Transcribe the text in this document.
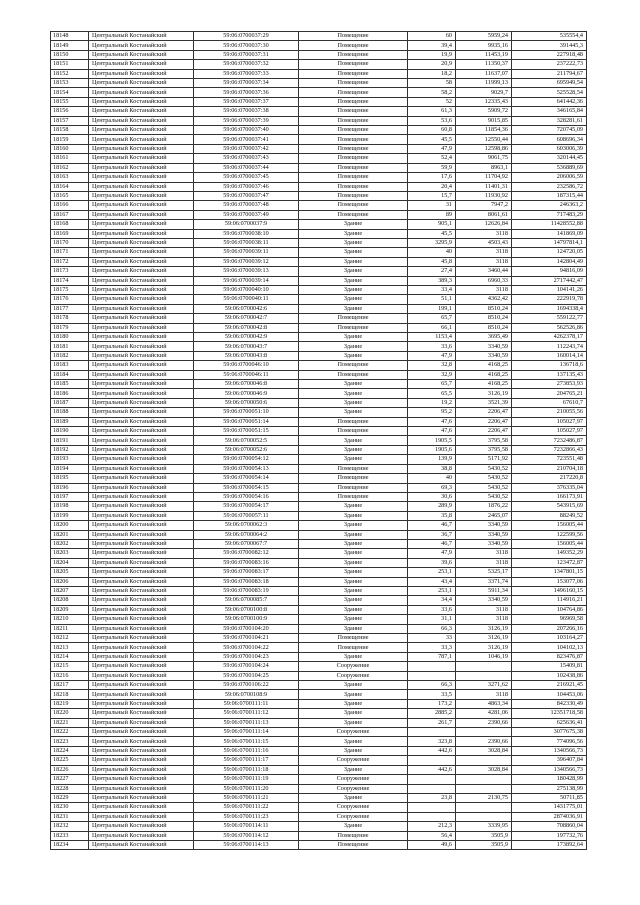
18148	Центральный Костанайский	59:06:0700037:29	Помещение	60	5959,24	535554,4
18149	Центральный Костанайский	59:06:0700037:30	Помещение	39,4	9935,16	391445,3
18150	Центральный Костанайский	59:06:0700037:31	Помещение	19,9	11453,19	227918,48
18151	Центральный Костанайский	59:06:0700037:32	Помещение	20,9	11350,37	237222,73
18152	Центральный Костанайский	59:06:0700037:33	Помещение	18,2	11637,07	211794,67
18153	Центральный Костанайский	59:06:0700037:34	Помещение	58	11999,13	695949,54
18154	Центральный Костанайский	59:06:0700037:36	Помещение	58,2	9029,7	525528,54
18155	Центральный Костанайский	59:06:0700037:37	Помещение	52	12335,43	641442,36
18156	Центральный Костанайский	59:06:0700037:38	Помещение	61,3	5909,72	346165,84
18157	Центральный Костанайский	59:06:0700037:39	Помещение	53,6	9015,85	328281,61
18158	Центральный Костанайский	59:06:0700037:40	Помещение	60,8	11854,36	720745,09
18159	Центральный Костанайский	59:06:0700037:41	Помещение	45,5	12550,44	608696,34
18160	Центральный Костанайский	59:06:0700037:42	Помещение	47,9	12598,86	603006,39
18161	Центральный Костанайский	59:06:0700037:43	Помещение	52,4	9061,75	320144,45
18162	Центральный Костанайский	59:06:0700037:44	Помещение	59,9	8963,1	536889,69
18163	Центральный Костанайский	59:06:0700037:45	Помещение	17,6	11704,92	206006,59
18164	Центральный Костанайский	59:06:0700037:46	Помещение	20,4	11401,31	232586,72
18165	Центральный Костанайский	59:06:0700037:47	Помещение	15,7	11930,92	187315,44
18166	Центральный Костанайский	59:06:0700037:48	Помещение	31	7947,2	246363,2
18167	Центральный Костанайский	59:06:0700037:49	Помещение	89	8061,61	717483,29
18168	Центральный Костанайский	59:06:0700037:9	Здание	905,1	12626,84	11428552,88
18169	Центральный Костанайский	59:06:0700038:10	Здание	45,5	3118	141869,09
18170	Центральный Костанайский	59:06:0700038:11	Здание	3295,9	4503,43	14797814,1
18171	Центральный Костанайский	59:06:0700039:11	Здание	40	3118	124720,05
18172	Центральный Костанайский	59:06:0700039:12	Здание	45,8	3118	142804,49
18173	Центральный Костанайский	59:06:0700039:13	Здание	27,4	3460,44	94816,09
18174	Центральный Костанайский	59:06:0700039:14	Здание	389,3	6960,33	2717442,47
18175	Центральный Костанайский	59:06:0700040:10	Здание	33,4	3118	104141,26
18176	Центральный Костанайский	59:06:0700040:11	Здание	51,1	4362,42	222919,78
18177	Центральный Костанайский	59:06:0700042:6	Здание	199,1	8510,24	1694338,4
18178	Центральный Костанайский	59:06:0700042:7	Помещение	65,7	8510,24	559122,77
18179	Центральный Костанайский	59:06:0700042:8	Помещение	66,1	8510,24	562526,86
18180	Центральный Костанайский	59:06:0700042:9	Здание	1153,4	3695,49	4262378,17
18181	Центральный Костанайский	59:06:0700043:7	Здание	33,6	3340,59	112243,74
18182	Центральный Костанайский	59:06:0700043:8	Здание	47,9	3340,59	160014,14
18183	Центральный Костанайский	59:06:0700046:10	Помещение	32,8	4168,25	136718,6
18184	Центральный Костанайский	59:06:0700046:11	Помещение	32,9	4168,25	137135,43
18185	Центральный Костанайский	59:06:0700046:8	Здание	65,7	4168,25	273853,93
18186	Центральный Костанайский	59:06:0700046:9	Здание	65,5	3126,19	204765,21
18187	Центральный Костанайский	59:06:0700050:6	Здание	19,2	3521,39	67610,7
18188	Центральный Костанайский	59:06:0700051:10	Здание	95,2	2206,47	210055,56
18189	Центральный Костанайский	59:06:0700051:14	Помещение	47,6	2206,47	105027,97
18190	Центральный Костанайский	59:06:0700051:15	Помещение	47,6	2206,47	105027,97
18191	Центральный Костанайский	59:06:0700052:5	Здание	1905,5	3795,58	7232486,87
18192	Центральный Костанайский	59:06:0700052:6	Здание	1905,6	3795,58	7232866,43
18193	Центральный Костанайский	59:06:0700054:12	Здание	139,9	5171,92	723551,48
18194	Центральный Костанайский	59:06:0700054:13	Помещение	38,8	5430,52	210704,18
18195	Центральный Костанайский	59:06:0700054:14	Помещение	40	5430,52	217220,8
18196	Центральный Костанайский	59:06:0700054:15	Помещение	69,3	5430,52	376335,04
18197	Центральный Костанайский	59:06:0700054:16	Помещение	30,6	5430,52	166173,91
18198	Центральный Костанайский	59:06:0700054:17	Здание	289,9	1876,22	543915,69
18199	Центральный Костанайский	59:06:0700057:11	Здание	35,8	2465,07	88249,52
18200	Центральный Костанайский	59:06:0700062:3	Здание	46,7	3340,59	156005,44
18201	Центральный Костанайский	59:06:0700064:2	Здание	36,7	3340,59	122599,56
18202	Центральный Костанайский	59:06:0700067:7	Здание	46,7	3340,59	156005,44
18203	Центральный Костанайский	59:06:0700082:12	Здание	47,9	3118	149352,29
18204	Центральный Костанайский	59:06:0700083:16	Здание	39,6	3118	123472,87
18205	Центральный Костанайский	59:06:0700083:17	Здание	253,1	5325,17	1347801,15
18206	Центральный Костанайский	59:06:0700083:18	Здание	43,4	3371,74	153077,06
18207	Центральный Костанайский	59:06:0700083:19	Здание	253,1	5911,34	1496160,15
18208	Центральный Костанайский	59:06:0700085:7	Здание	34,4	3340,59	114916,21
18209	Центральный Костанайский	59:06:0700100:8	Здание	33,6	3118	104764,86
18210	Центральный Костанайский	59:06:0700100:9	Здание	31,1	3118	96969,58
18211	Центральный Костанайский	59:06:0700104:20	Здание	66,3	3126,19	207266,16
18212	Центральный Костанайский	59:06:0700104:21	Помещение	33	3126,19	103164,27
18213	Центральный Костанайский	59:06:0700104:22	Помещение	33,3	3126,19	104102,13
18214	Центральный Костанайский	59:06:0700104:23	Здание	787,1	1046,19	823476,87
18215	Центральный Костанайский	59:06:0700104:24	Сооружение			15409,81
18216	Центральный Костанайский	59:06:0700104:25	Сооружение			102438,86
18217	Центральный Костанайский	59:06:0700106:22	Здание	66,3	3271,62	216921,45
18218	Центральный Костанайский	59:06:0700108:9	Здание	33,5	3118	104453,06
18219	Центральный Костанайский	59:06:0700111:11	Здание	173,2	4863,34	842330,49
18220	Центральный Костанайский	59:06:0700111:12	Здание	2885,2	4281,06	12351718,58
18221	Центральный Костанайский	59:06:0700111:13	Здание	261,7	2390,66	625636,41
18222	Центральный Костанайский	59:06:0700111:14	Сооружение			3077675,38
18223	Центральный Костанайский	59:06:0700111:15	Здание	323,8	2390,66	774096,56
18224	Центральный Костанайский	59:06:0700111:16	Здание	442,6	3028,84	1340566,73
18225	Центральный Костанайский	59:06:0700111:17	Сооружение			396407,84
18226	Центральный Костанайский	59:06:0700111:18	Здание	442,6	3028,84	1340566,73
18227	Центральный Костанайский	59:06:0700111:19	Сооружение			180428,99
18228	Центральный Костанайский	59:06:0700111:20	Сооружение			275138,99
18229	Центральный Костанайский	59:06:0700111:21	Здание	23,8	2130,75	50711,85
18230	Центральный Костанайский	59:06:0700111:22	Сооружение			1431775,01
18231	Центральный Костанайский	59:06:0700111:23	Сооружение			2874036,91
18232	Центральный Костанайский	59:06:0700114:11	Здание	212,3	3339,95	708860,04
18233	Центральный Костанайский	59:06:0700114:12	Помещение	56,4	3505,9	197732,76
18234	Центральный Костанайский	59:06:0700114:13	Помещение	49,6	3505,9	173892,64
